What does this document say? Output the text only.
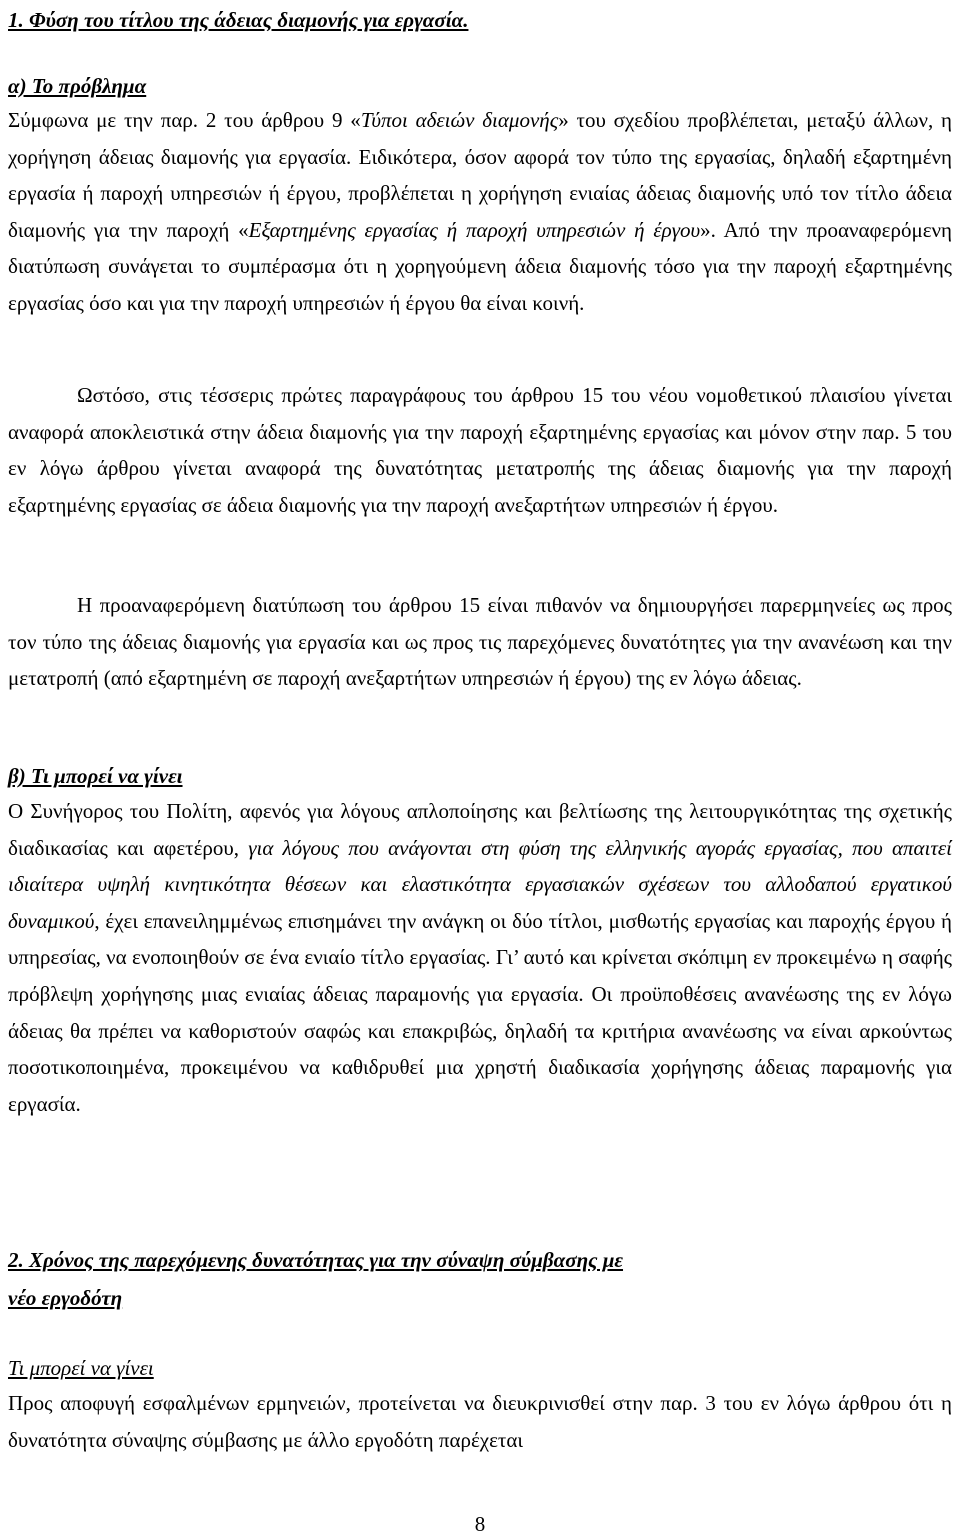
1. Φύση του τίτλου της άδειας διαμονής για εργασία.
α) Το πρόβλημα

Σύμφωνα με την παρ. 2 του άρθρου 9 «Τύποι αδειών διαμονής» του σχεδίου προβλέπεται, μεταξύ άλλων, η χορήγηση άδειας διαμονής για εργασία. Ειδικότερα, όσον αφορά τον τύπο της εργασίας, δηλαδή εξαρτημένη εργασία ή παροχή υπηρεσιών ή έργου, προβλέπεται η χορήγηση ενιαίας άδειας διαμονής υπό τον τίτλο άδεια διαμονής για την παροχή «Εξαρτημένης εργασίας ή παροχή υπηρεσιών ή έργου». Από την προαναφερόμενη διατύπωση συνάγεται το συμπέρασμα ότι η χορηγούμενη άδεια διαμονής τόσο για την παροχή εξαρτημένης εργασίας όσο και για την παροχή υπηρεσιών ή έργου θα είναι κοινή.

Ωστόσο, στις τέσσερις πρώτες παραγράφους του άρθρου 15 του νέου νομοθετικού πλαισίου γίνεται αναφορά αποκλειστικά στην άδεια διαμονής για την παροχή εξαρτημένης εργασίας και μόνον στην παρ. 5 του εν λόγω άρθρου γίνεται αναφορά της δυνατότητας μετατροπής της άδειας διαμονής για την παροχή εξαρτημένης εργασίας σε άδεια διαμονής για την παροχή ανεξαρτήτων υπηρεσιών ή έργου.

Η προαναφερόμενη διατύπωση του άρθρου 15 είναι πιθανόν να δημιουργήσει παρερμηνείες ως προς τον τύπο της άδειας διαμονής για εργασία και ως προς τις παρεχόμενες δυνατότητες για την ανανέωση και την μετατροπή (από εξαρτημένη σε παροχή ανεξαρτήτων υπηρεσιών ή έργου) της εν λόγω άδειας.

β) Τι μπορεί να γίνει

Ο Συνήγορος του Πολίτη, αφενός για λόγους απλοποίησης και βελτίωσης της λειτουργικότητας της σχετικής διαδικασίας και αφετέρου, για λόγους που ανάγονται στη φύση της ελληνικής αγοράς εργασίας, που απαιτεί ιδιαίτερα υψηλή κινητικότητα θέσεων και ελαστικότητα εργασιακών σχέσεων του αλλοδαπού εργατικού δυναμικού, έχει επανειλημμένως επισημάνει την ανάγκη οι δύο τίτλοι, μισθωτής εργασίας και παροχής έργου ή υπηρεσίας, να ενοποιηθούν σε ένα ενιαίο τίτλο εργασίας. Γι’ αυτό και κρίνεται σκόπιμη εν προκειμένω η σαφής πρόβλεψη χορήγησης μιας ενιαίας άδειας παραμονής για εργασία. Οι προϋποθέσεις ανανέωσης της εν λόγω άδειας θα πρέπει να καθοριστούν σαφώς και επακριβώς, δηλαδή τα κριτήρια ανανέωσης να είναι αρκούντως ποσοτικοποιημένα, προκειμένου να καθιδρυθεί μια χρηστή διαδικασία χορήγησης άδειας παραμονής για εργασία.

2. Χρόνος της παρεχόμενης δυνατότητας για την σύναψη σύμβασης με
νέο εργοδότη
Τι μπορεί να γίνει

Προς αποφυγή εσφαλμένων ερμηνειών, προτείνεται να διευκρινισθεί στην παρ. 3 του εν λόγω άρθρου ότι η δυνατότητα σύναψης σύμβασης με άλλο εργοδότη παρέχεται

8
